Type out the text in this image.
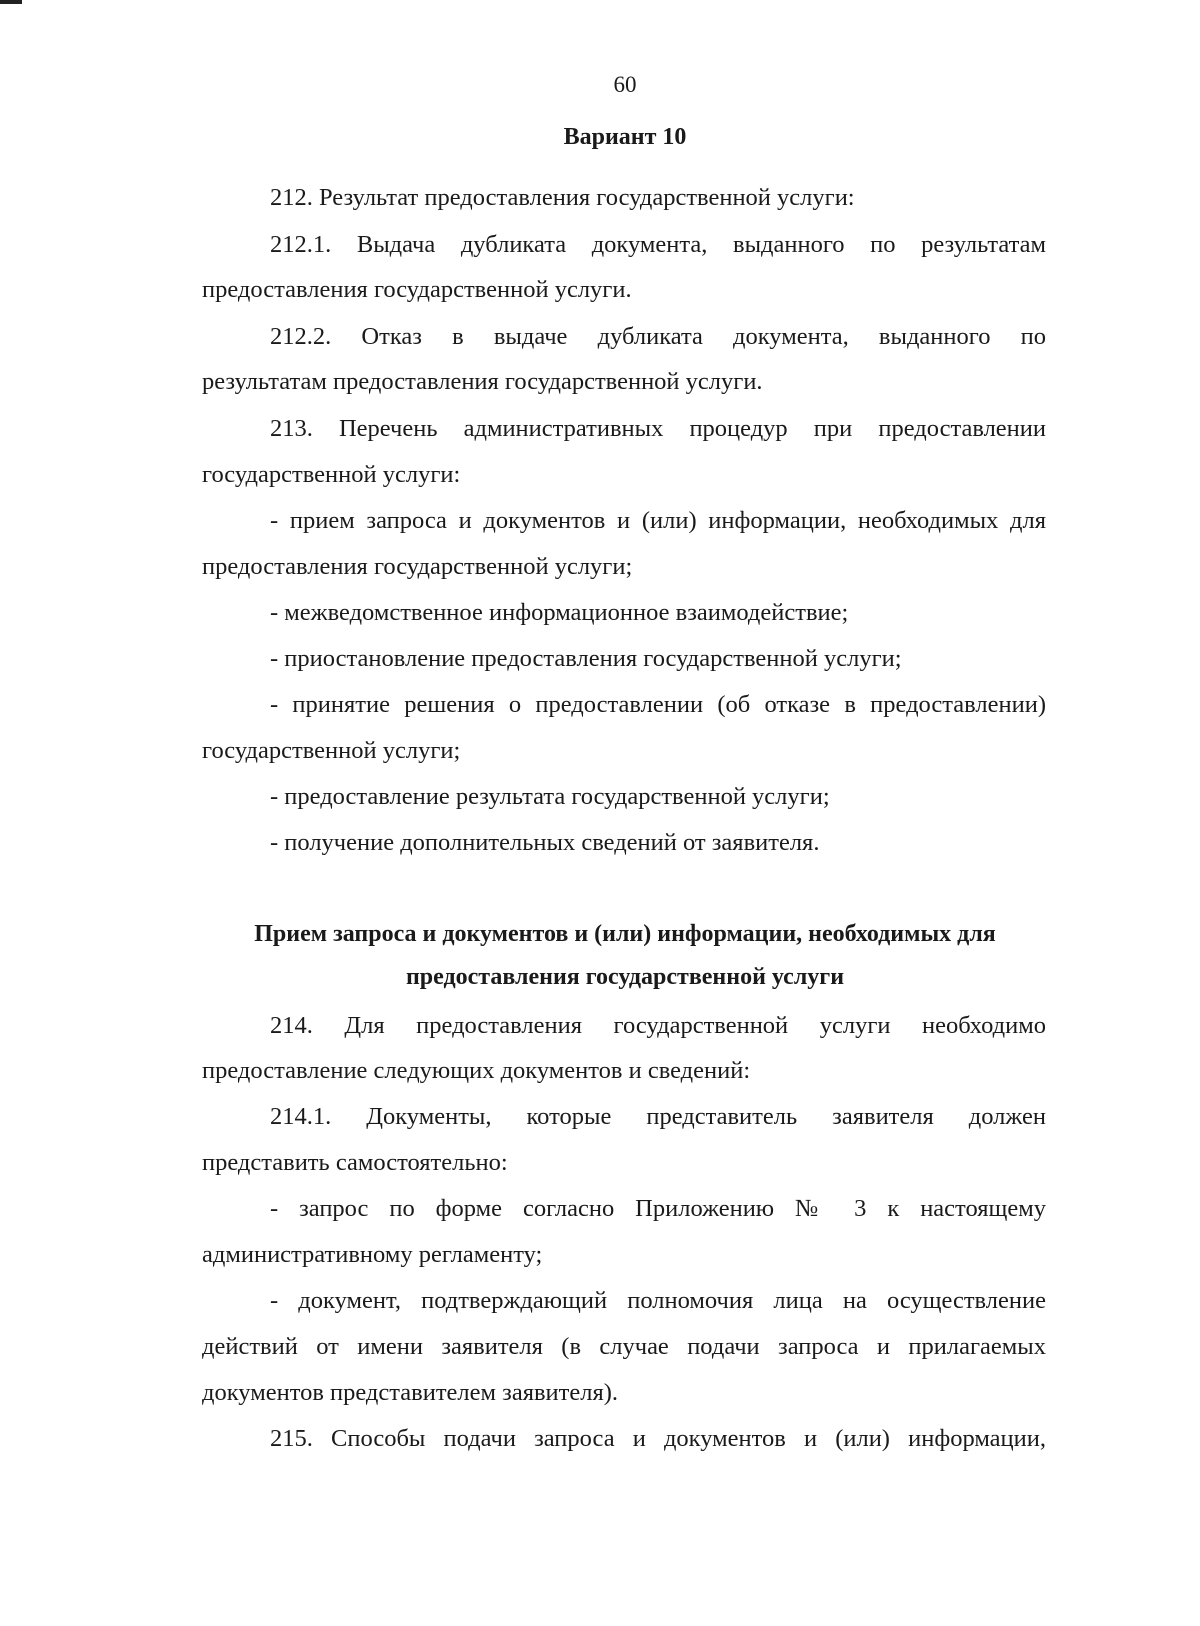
60
Вариант 10
212. Результат предоставления государственной услуги:
212.1. Выдача дубликата документа, выданного по результатам
предоставления государственной услуги.
212.2. Отказ в выдаче дубликата документа, выданного по
результатам предоставления государственной услуги.
213. Перечень административных процедур при предоставлении
государственной услуги:
- прием запроса и документов и (или) информации, необходимых для
предоставления государственной услуги;
- межведомственное информационное взаимодействие;
- приостановление предоставления государственной услуги;
- принятие решения о предоставлении (об отказе в предоставлении)
государственной услуги;
- предоставление результата государственной услуги;
- получение дополнительных сведений от заявителя.
Прием запроса и документов и (или) информации, необходимых для
предоставления государственной услуги
214. Для предоставления государственной услуги необходимо
предоставление следующих документов и сведений:
214.1. Документы, которые представитель заявителя должен
представить самостоятельно:
- запрос по форме согласно Приложению № 3 к настоящему
административному регламенту;
- документ, подтверждающий полномочия лица на осуществление
действий от имени заявителя (в случае подачи запроса и прилагаемых
документов представителем заявителя).
215. Способы подачи запроса и документов и (или) информации,
